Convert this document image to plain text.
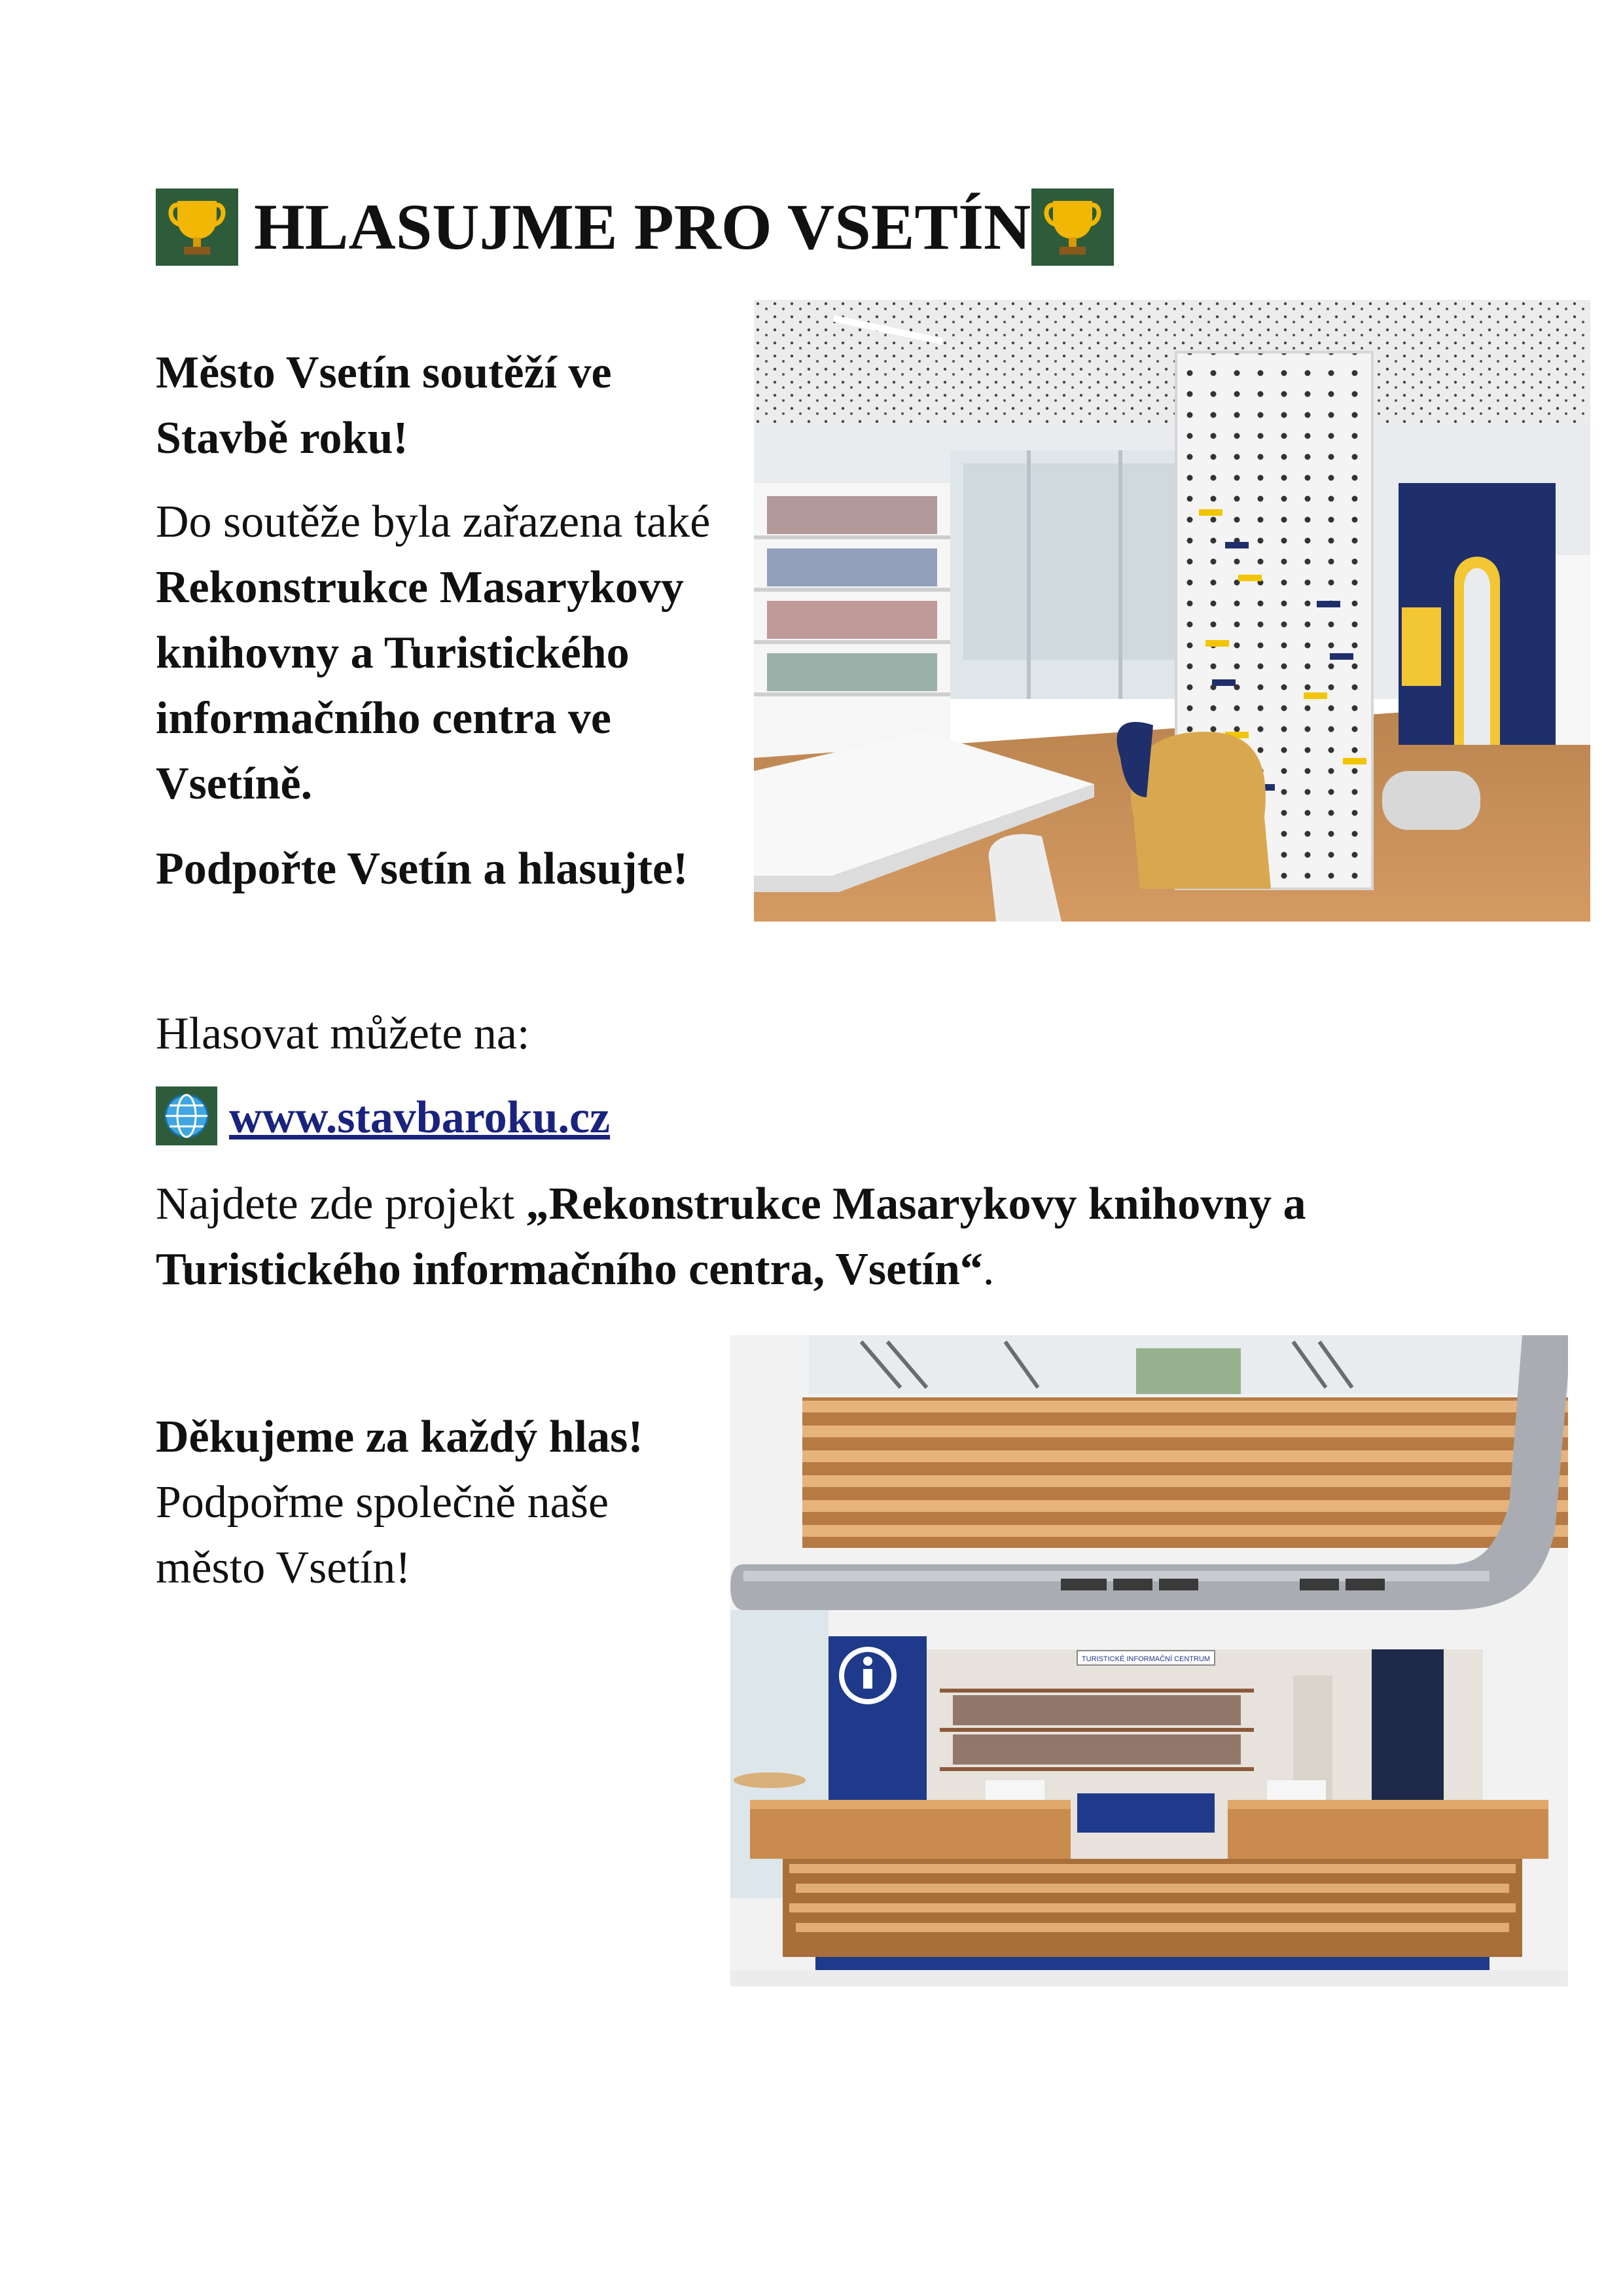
HLASUJME PRO VSETÍN
Město Vsetín soutěží ve
Stavbě roku!
Do soutěže byla zařazena také
Rekonstrukce Masarykovy
knihovny a Turistického
informačního centra ve
Vsetíně.
Podpořte Vsetín a hlasujte!
Hlasovat můžete na:
www.stavbaroku.cz
Najdete zde projekt „Rekonstrukce Masarykovy knihovny a
Turistického informačního centra, Vsetín“.
Děkujeme za každý hlas!
Podpořme společně naše
město Vsetín!
TURISTICKÉ INFORMAČNÍ CENTRUM
